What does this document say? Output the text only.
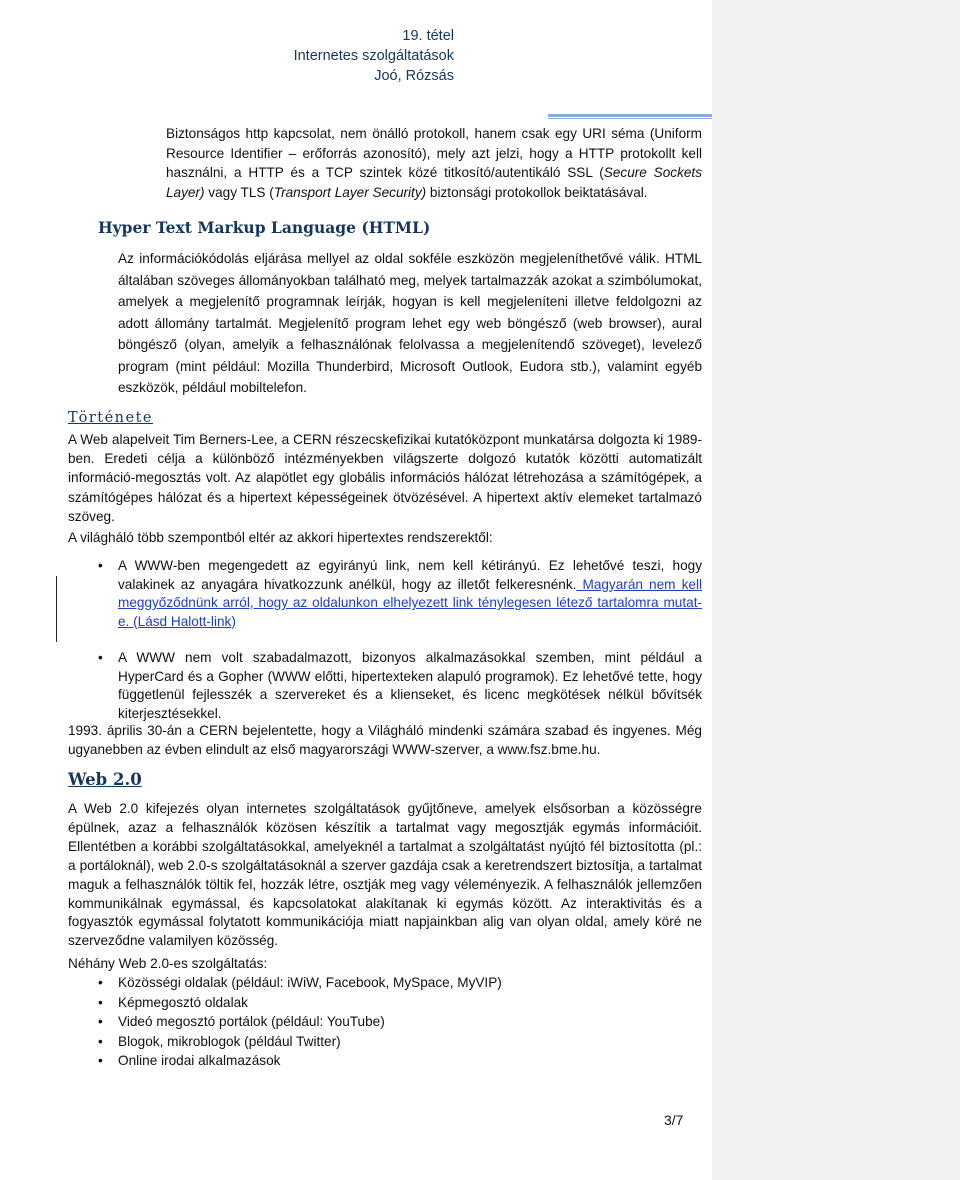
19. tétel
Internetes szolgáltatások
Joó, Rózsás

Biztonságos http kapcsolat, nem önálló protokoll, hanem csak egy URI séma (Uniform Resource Identifier – erőforrás azonosító), mely azt jelzi, hogy a HTTP protokollt kell használni, a HTTP és a TCP szintek közé titkosító/autentikáló SSL (Secure Sockets Layer) vagy TLS (Transport Layer Security) biztonsági protokollok beiktatásával.

Hyper Text Markup Language (HTML)

Az információkódolás eljárása mellyel az oldal sokféle eszközön megjeleníthetővé válik. HTML általában szöveges állományokban található meg, melyek tartalmazzák azokat a szimbólumokat, amelyek a megjelenítő programnak leírják, hogyan is kell megjeleníteni illetve feldolgozni az adott állomány tartalmát. Megjelenítő program lehet egy web böngésző (web browser), aural böngésző (olyan, amelyik a felhasználónak felolvassa a megjelenítendő szöveget), levelező program (mint például: Mozilla Thunderbird, Microsoft Outlook, Eudora stb.), valamint egyéb eszközök, például mobiltelefon.

Története

A Web alapelveit Tim Berners-Lee, a CERN részecskefizikai kutatóközpont munkatársa dolgozta ki 1989-ben. Eredeti célja a különböző intézményekben világszerte dolgozó kutatók közötti automatizált információ-megosztás volt. Az alapötlet egy globális információs hálózat létrehozása a számítógépek, a számítógépes hálózat és a hipertext képességeinek ötvözésével. A hipertext aktív elemeket tartalmazó szöveg.

A világháló több szempontból eltér az akkori hipertextes rendszerektől:

• A WWW-ben megengedett az egyirányú link, nem kell kétirányú. Ez lehetővé teszi, hogy valakinek az anyagára hivatkozzunk anélkül, hogy az illetőt felkeresnénk. Magyarán nem kell meggyőződnünk arról, hogy az oldalunkon elhelyezett link ténylegesen létező tartalomra mutat-e. (Lásd Halott-link)
• A WWW nem volt szabadalmazott, bizonyos alkalmazásokkal szemben, mint például a HyperCard és a Gopher (WWW előtti, hipertexteken alapuló programok). Ez lehetővé tette, hogy függetlenül fejlesszék a szervereket és a klienseket, és licenc megkötések nélkül bővítsék kiterjesztésekkel.

1993. április 30-án a CERN bejelentette, hogy a Világháló mindenki számára szabad és ingyenes. Még ugyanebben az évben elindult az első magyarországi WWW-szerver, a www.fsz.bme.hu.

Web 2.0

A Web 2.0 kifejezés olyan internetes szolgáltatások gyűjtőneve, amelyek elsősorban a közösségre épülnek, azaz a felhasználók közösen készítik a tartalmat vagy megosztják egymás információit. Ellentétben a korábbi szolgáltatásokkal, amelyeknél a tartalmat a szolgáltatást nyújtó fél biztosította (pl.: a portáloknál), web 2.0-s szolgáltatásoknál a szerver gazdája csak a keretrendszert biztosítja, a tartalmat maguk a felhasználók töltik fel, hozzák létre, osztják meg vagy véleményezik. A felhasználók jellemzően kommunikálnak egymással, és kapcsolatokat alakítanak ki egymás között. Az interaktivitás és a fogyasztók egymással folytatott kommunikációja miatt napjainkban alig van olyan oldal, amely köré ne szerveződne valamilyen közösség.

Néhány Web 2.0-es szolgáltatás:

• Közösségi oldalak (például: iWiW, Facebook, MySpace, MyVIP)
• Képmegosztó oldalak
• Videó megosztó portálok (például: YouTube)
• Blogok, mikroblogok (például Twitter)
• Online irodai alkalmazások
3/7
